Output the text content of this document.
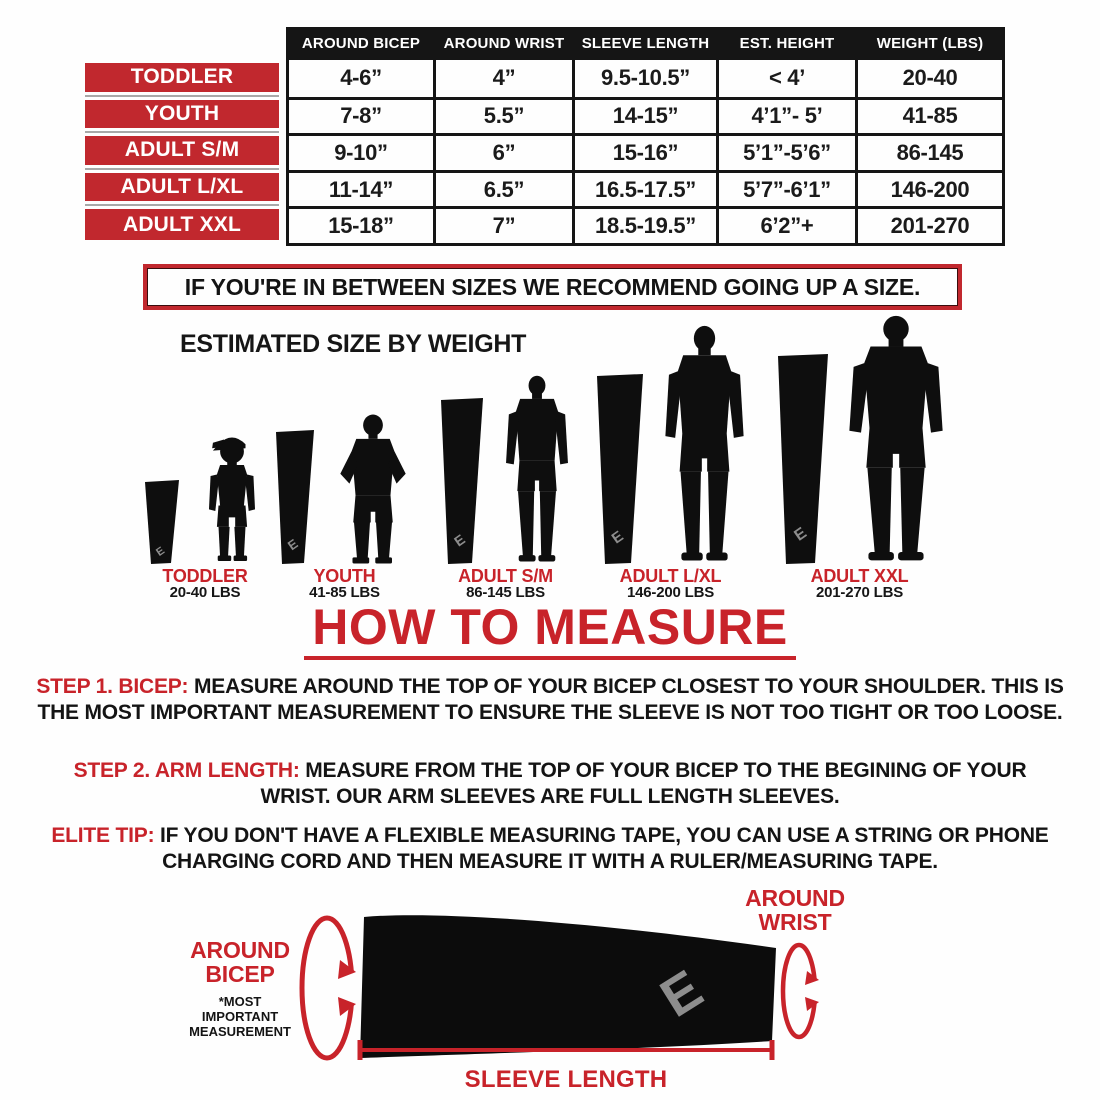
TODDLER
YOUTH
ADULT S/M
ADULT L/XL
ADULT XXL
AROUND BICEP
4-6”
7-8”
9-10”
11-14”
15-18”
AROUND WRIST
4”
5.5”
6”
6.5”
7”
SLEEVE LENGTH
9.5-10.5”
14-15”
15-16”
16.5-17.5”
18.5-19.5”
EST. HEIGHT
< 4’
4’1”- 5’
5’1”-5’6”
5’7”-6’1”
6’2”+
WEIGHT (LBS)
20-40
41-85
86-145
146-200
201-270
IF YOU'RE IN BETWEEN SIZES WE RECOMMEND GOING UP A SIZE.
ESTIMATED SIZE BY WEIGHT
E
TODDLER
20-40 LBS
E
YOUTH
41-85 LBS
E
ADULT S/M
86-145 LBS
E
ADULT L/XL
146-200 LBS
E
ADULT XXL
201-270 LBS
HOW TO MEASURE
STEP 1. BICEP: MEASURE AROUND THE TOP OF YOUR BICEP CLOSEST TO YOUR SHOULDER. THIS IS THE MOST IMPORTANT MEASUREMENT TO ENSURE THE SLEEVE IS NOT TOO TIGHT OR TOO LOOSE.
STEP 2. ARM LENGTH: MEASURE FROM THE TOP OF YOUR BICEP TO THE BEGINING OF YOUR WRIST. OUR ARM SLEEVES ARE FULL LENGTH SLEEVES.
ELITE TIP: IF YOU DON'T HAVE A FLEXIBLE MEASURING TAPE, YOU CAN USE A STRING OR PHONE CHARGING CORD AND THEN MEASURE IT WITH A RULER/MEASURING TAPE.
AROUND BICEP
*MOST IMPORTANT MEASUREMENT
E
AROUND WRIST
SLEEVE LENGTH
